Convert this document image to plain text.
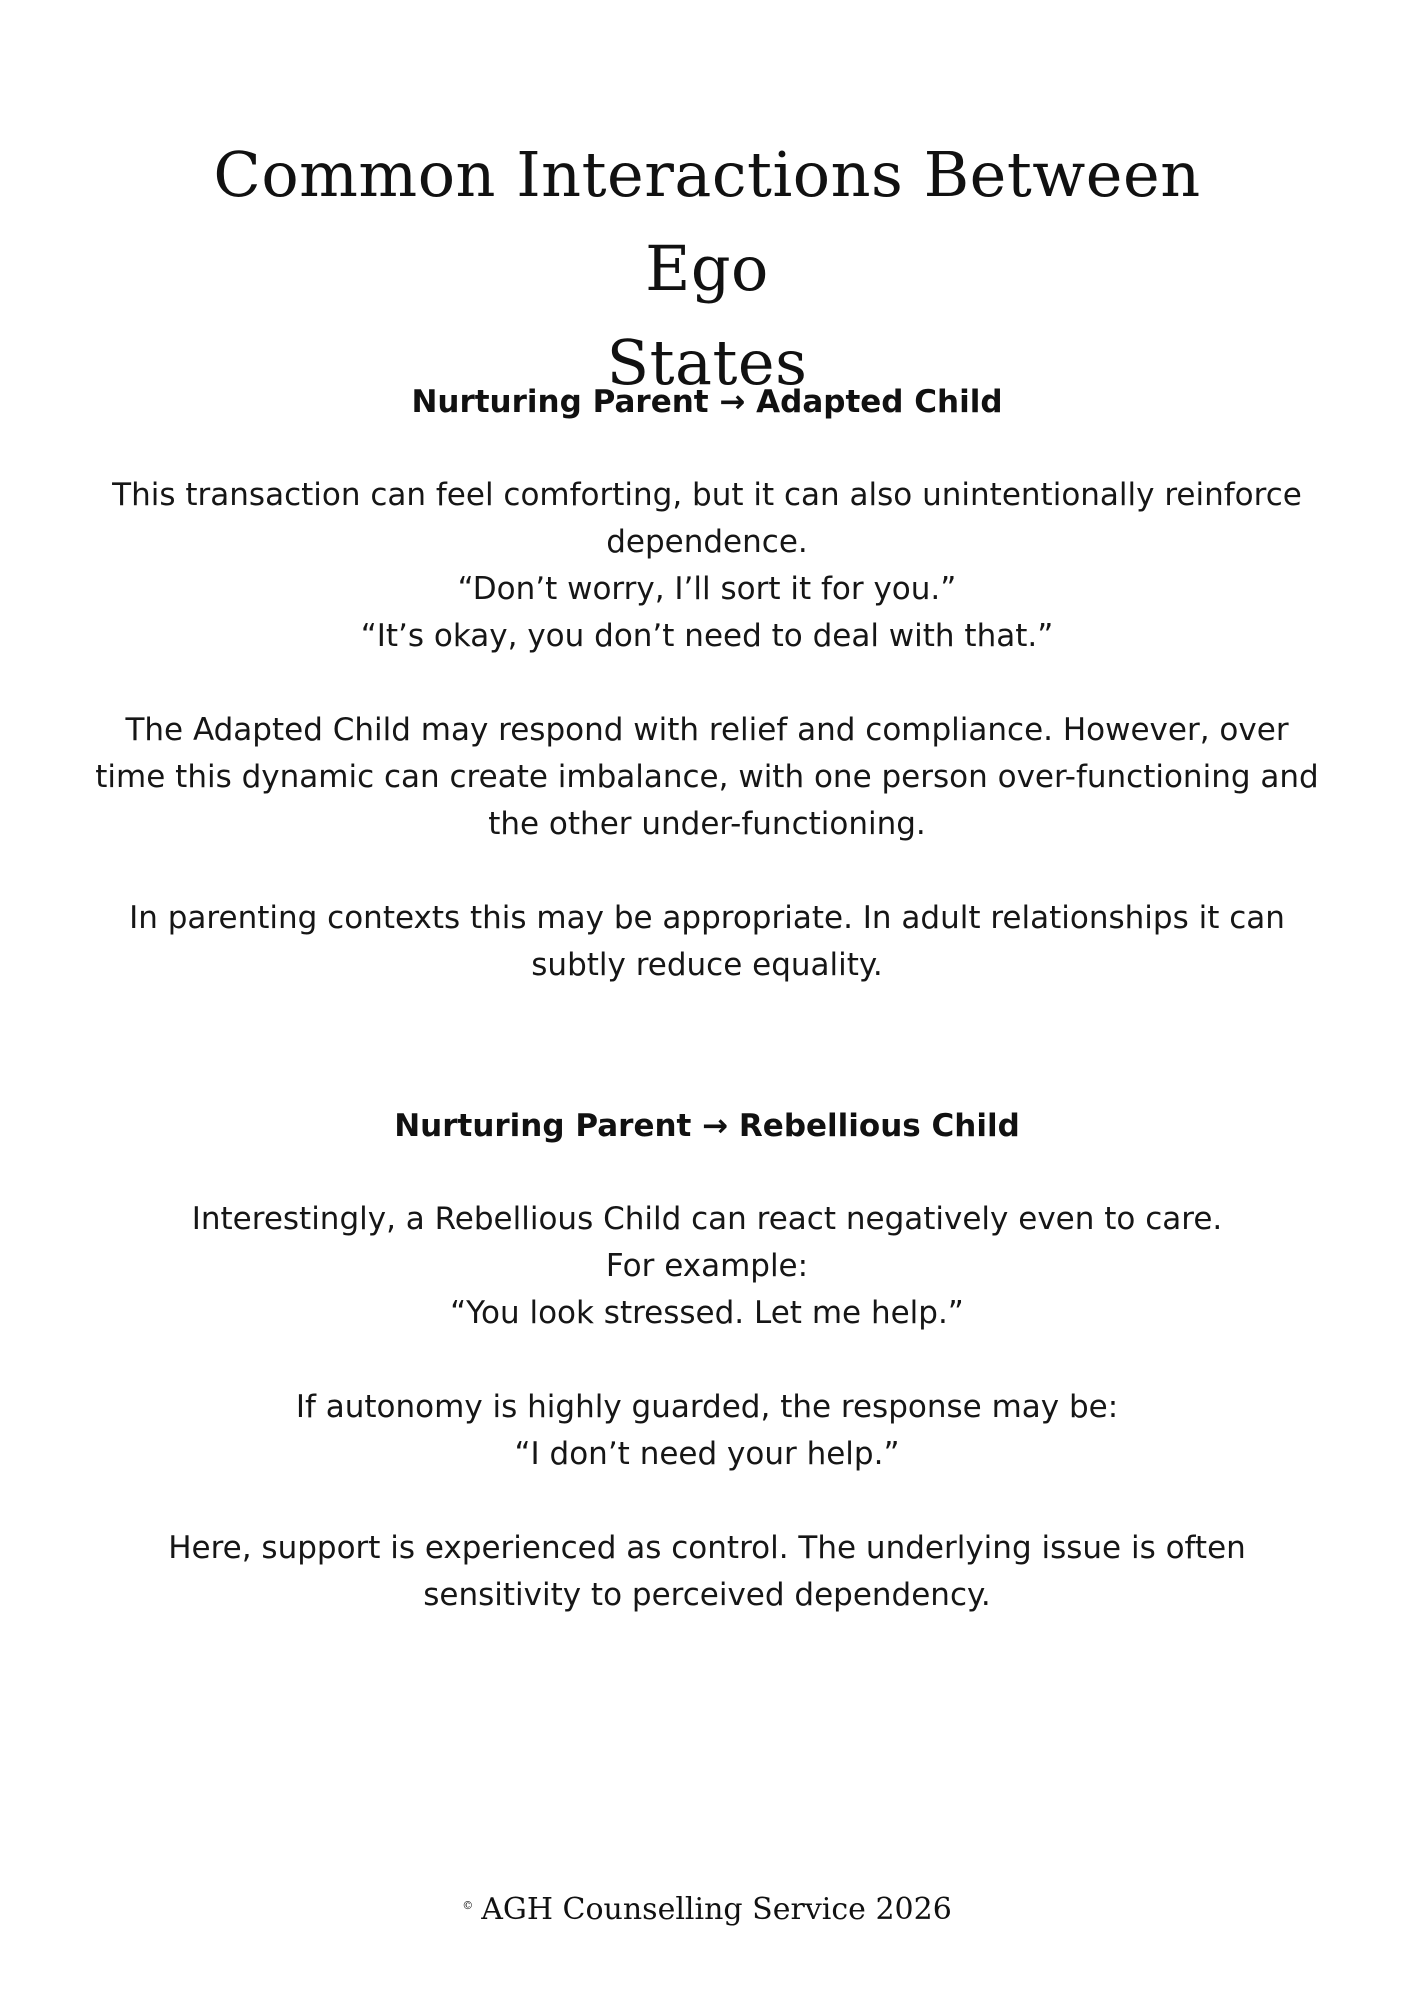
Common Interactions Between Ego
States
Nurturing Parent → Adapted Child

This transaction can feel comforting, but it can also unintentionally reinforce
dependence.
“Don’t worry, I’ll sort it for you.”
“It’s okay, you don’t need to deal with that.”

The Adapted Child may respond with relief and compliance. However, over
time this dynamic can create imbalance, with one person over-functioning and
the other under-functioning.

In parenting contexts this may be appropriate. In adult relationships it can
subtly reduce equality.

Nurturing Parent → Rebellious Child

Interestingly, a Rebellious Child can react negatively even to care.
For example:
“You look stressed. Let me help.”

If autonomy is highly guarded, the response may be:
“I don’t need your help.”

Here, support is experienced as control. The underlying issue is often
sensitivity to perceived dependency.

© AGH Counselling Service 2026
